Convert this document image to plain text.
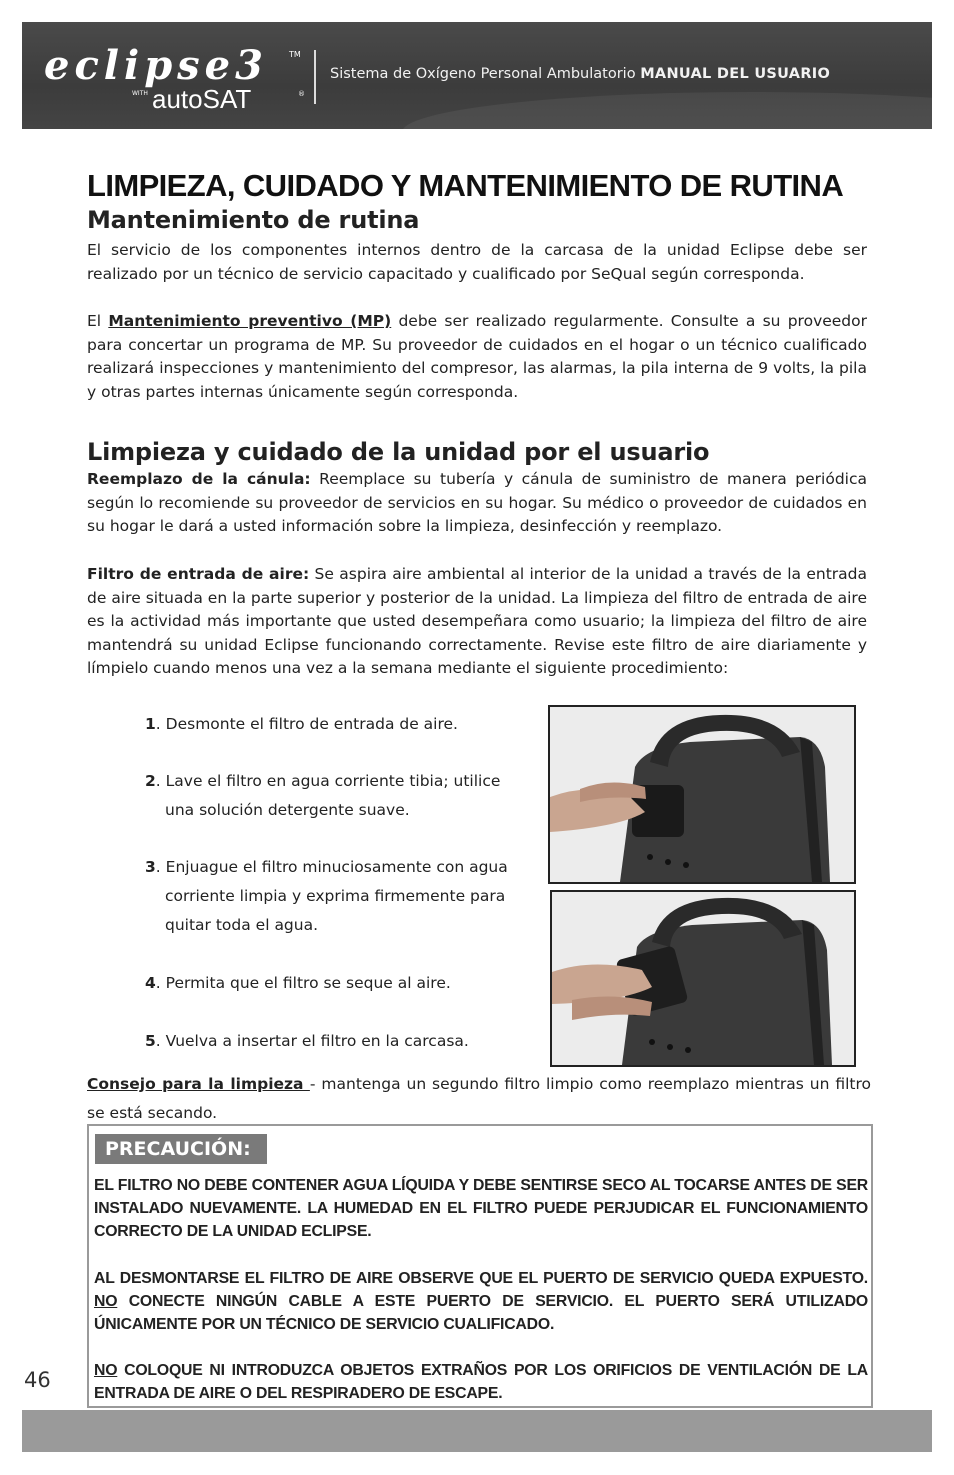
eclipse3	TM
WITH autoSAT	®
Sistema de Oxígeno Personal Ambulatorio MANUAL DEL USUARIO
LIMPIEZA, CUIDADO Y MANTENIMIENTO DE RUTINA
Mantenimiento de rutina

El servicio de los componentes internos dentro de la carcasa de la unidad Eclipse debe ser realizado por un técnico de servicio capacitado y cualificado por SeQual según corresponda.

El Mantenimiento preventivo (MP) debe ser realizado regularmente. Consulte a su proveedor para concertar un programa de MP. Su proveedor de cuidados en el hogar o un técnico cualificado realizará inspecciones y mantenimiento del compresor, las alarmas, la pila interna de 9 volts, la pila y otras partes internas únicamente según corresponda.

Limpieza y cuidado de la unidad por el usuario

Reemplazo de la cánula: Reemplace su tubería y cánula de suministro de manera periódica según lo recomiende su proveedor de servicios en su hogar. Su médico o proveedor de cuidados en su hogar le dará a usted información sobre la limpieza, desinfección y reemplazo.

Filtro de entrada de aire: Se aspira aire ambiental al interior de la unidad a través de la entrada de aire situada en la parte superior y posterior de la unidad. La limpieza del filtro de entrada de aire es la actividad más importante que usted desempeñara como usuario; la limpieza del filtro de aire mantendrá su unidad Eclipse funcionando correctamente. Revise este filtro de aire diariamente y límpielo cuando menos una vez a la semana mediante el siguiente procedimiento:

1. Desmonte el filtro de entrada de aire.
2. Lave el filtro en agua corriente tibia; utilice
una solución detergente suave.
3. Enjuague el filtro minuciosamente con agua
corriente limpia y exprima firmemente para
quitar toda el agua.
4. Permita que el filtro se seque al aire.
5. Vuelva a insertar el filtro en la carcasa.
Consejo para la limpieza - mantenga un segundo filtro limpio como reemplazo mientras un filtro se está secando.
PRECAUCIÓN:

EL FILTRO NO DEBE CONTENER AGUA LÍQUIDA Y DEBE SENTIRSE SECO AL TOCARSE ANTES DE SER INSTALADO NUEVAMENTE. LA HUMEDAD EN EL FILTRO PUEDE PERJUDICAR EL FUNCIONAMIENTO CORRECTO DE LA UNIDAD ECLIPSE.

AL DESMONTARSE EL FILTRO DE AIRE OBSERVE QUE EL PUERTO DE SERVICIO QUEDA EXPUESTO. NO CONECTE NINGÚN CABLE A ESTE PUERTO DE SERVICIO. EL PUERTO SERÁ UTILIZADO ÚNICAMENTE POR UN TÉCNICO DE SERVICIO CUALIFICADO.

NO COLOQUE NI INTRODUZCA OBJETOS EXTRAÑOS POR LOS ORIFICIOS DE VENTILACIÓN DE LA ENTRADA DE AIRE O DEL RESPIRADERO DE ESCAPE.

46
